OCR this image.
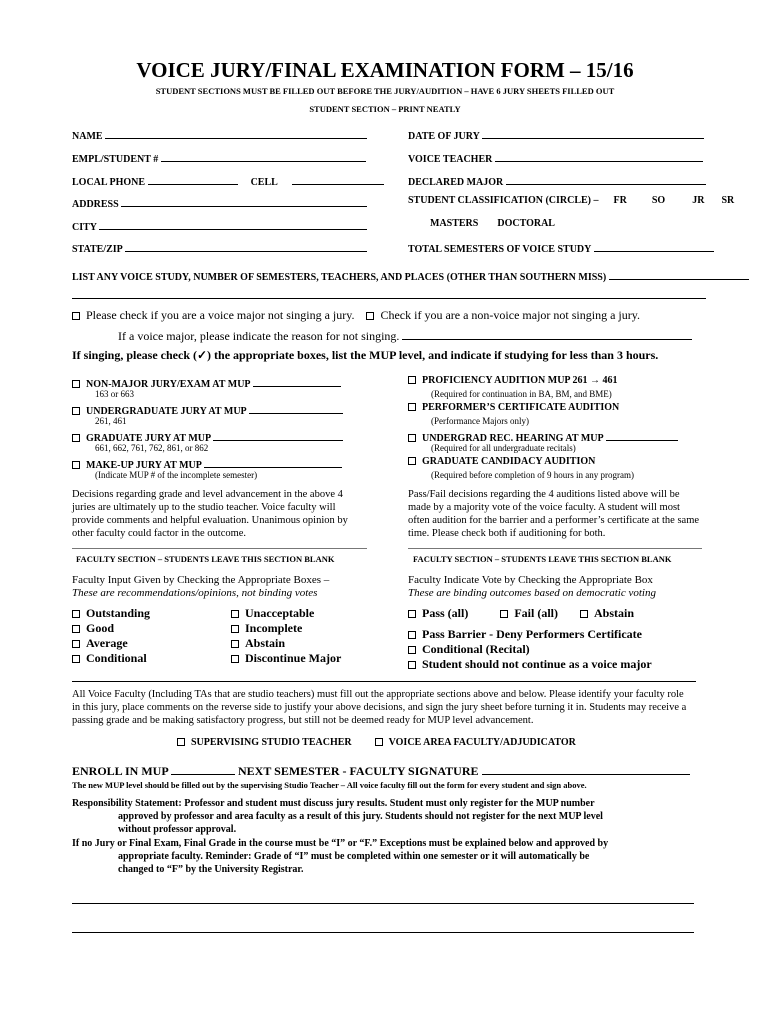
VOICE JURY/FINAL EXAMINATION FORM – 15/16
STUDENT SECTIONS MUST BE FILLED OUT BEFORE THE JURY/AUDITION – HAVE 6 JURY SHEETS FILLED OUT
STUDENT SECTION – PRINT NEATLY
NAME
EMPL/STUDENT #
LOCAL PHONE	CELL
ADDRESS
CITY
STATE/ZIP
DATE OF JURY
VOICE TEACHER
DECLARED MAJOR
STUDENT CLASSIFICATION (CIRCLE) – FR	SO	JR SR
MASTERS DOCTORAL
TOTAL SEMESTERS OF VOICE STUDY
LIST ANY VOICE STUDY, NUMBER OF SEMESTERS, TEACHERS, AND PLACES (OTHER THAN SOUTHERN MISS)
Please check if you are a voice major not singing a jury. Check if you are a non-voice major not singing a jury.
If a voice major, please indicate the reason for not singing.
If singing, please check (✓) the appropriate boxes, list the MUP level, and indicate if studying for less than 3 hours.
NON-MAJOR JURY/EXAM AT MUP
163 or 663
UNDERGRADUATE JURY AT MUP
261, 461
GRADUATE JURY AT MUP
661, 662, 761, 762, 861, or 862
MAKE-UP JURY AT MUP
(Indicate MUP # of the incomplete semester)
PROFICIENCY AUDITION MUP 261 → 461
(Required for continuation in BA, BM, and BME)
PERFORMER’S CERTIFICATE AUDITION
(Performance Majors only)
UNDERGRAD REC. HEARING AT MUP
(Required for all undergraduate recitals)
GRADUATE CANDIDACY AUDITION
(Required before completion of 9 hours in any program)
Decisions regarding grade and level advancement in the above 4 juries are ultimately up to the studio teacher. Voice faculty will provide comments and helpful evaluation. Unanimous opinion by other faculty could factor in the outcome.
Pass/Fail decisions regarding the 4 auditions listed above will be made by a majority vote of the voice faculty. A student will most often audition for the barrier and a performer’s certificate at the same time. Please check both if auditioning for both.
FACULTY SECTION – STUDENTS LEAVE THIS SECTION BLANK
Faculty Input Given by Checking the Appropriate Boxes –
These are recommendations/opinions, not binding votes
Outstanding
Good
Average
Conditional
Unacceptable
Incomplete
Abstain
Discontinue Major
FACULTY SECTION – STUDENTS LEAVE THIS SECTION BLANK
Faculty Indicate Vote by Checking the Appropriate Box
These are binding outcomes based on democratic voting
Pass (all)	Fail (all)	Abstain
Pass Barrier - Deny Performers Certificate
Conditional (Recital)
Student should not continue as a voice major
All Voice Faculty (Including TAs that are studio teachers) must fill out the appropriate sections above and below. Please identify your faculty role in this jury, place comments on the reverse side to justify your above decisions, and sign the jury sheet before turning it in. Students may receive a passing grade and be making satisfactory progress, but still not be deemed ready for MUP level advancement.
SUPERVISING STUDIO TEACHER	VOICE AREA FACULTY/ADJUDICATOR
ENROLL IN MUP	NEXT SEMESTER - FACULTY SIGNATURE
The new MUP level should be filled out by the supervising Studio Teacher – All voice faculty fill out the form for every student and sign above.
Responsibility Statement: Professor and student must discuss jury results. Student must only register for the MUP number
approved by professor and area faculty as a result of this jury. Students should not register for the next MUP level
without professor approval.
If no Jury or Final Exam, Final Grade in the course must be “I” or “F.” Exceptions must be explained below and approved by
appropriate faculty. Reminder: Grade of “I” must be completed within one semester or it will automatically be
changed to “F” by the University Registrar.
